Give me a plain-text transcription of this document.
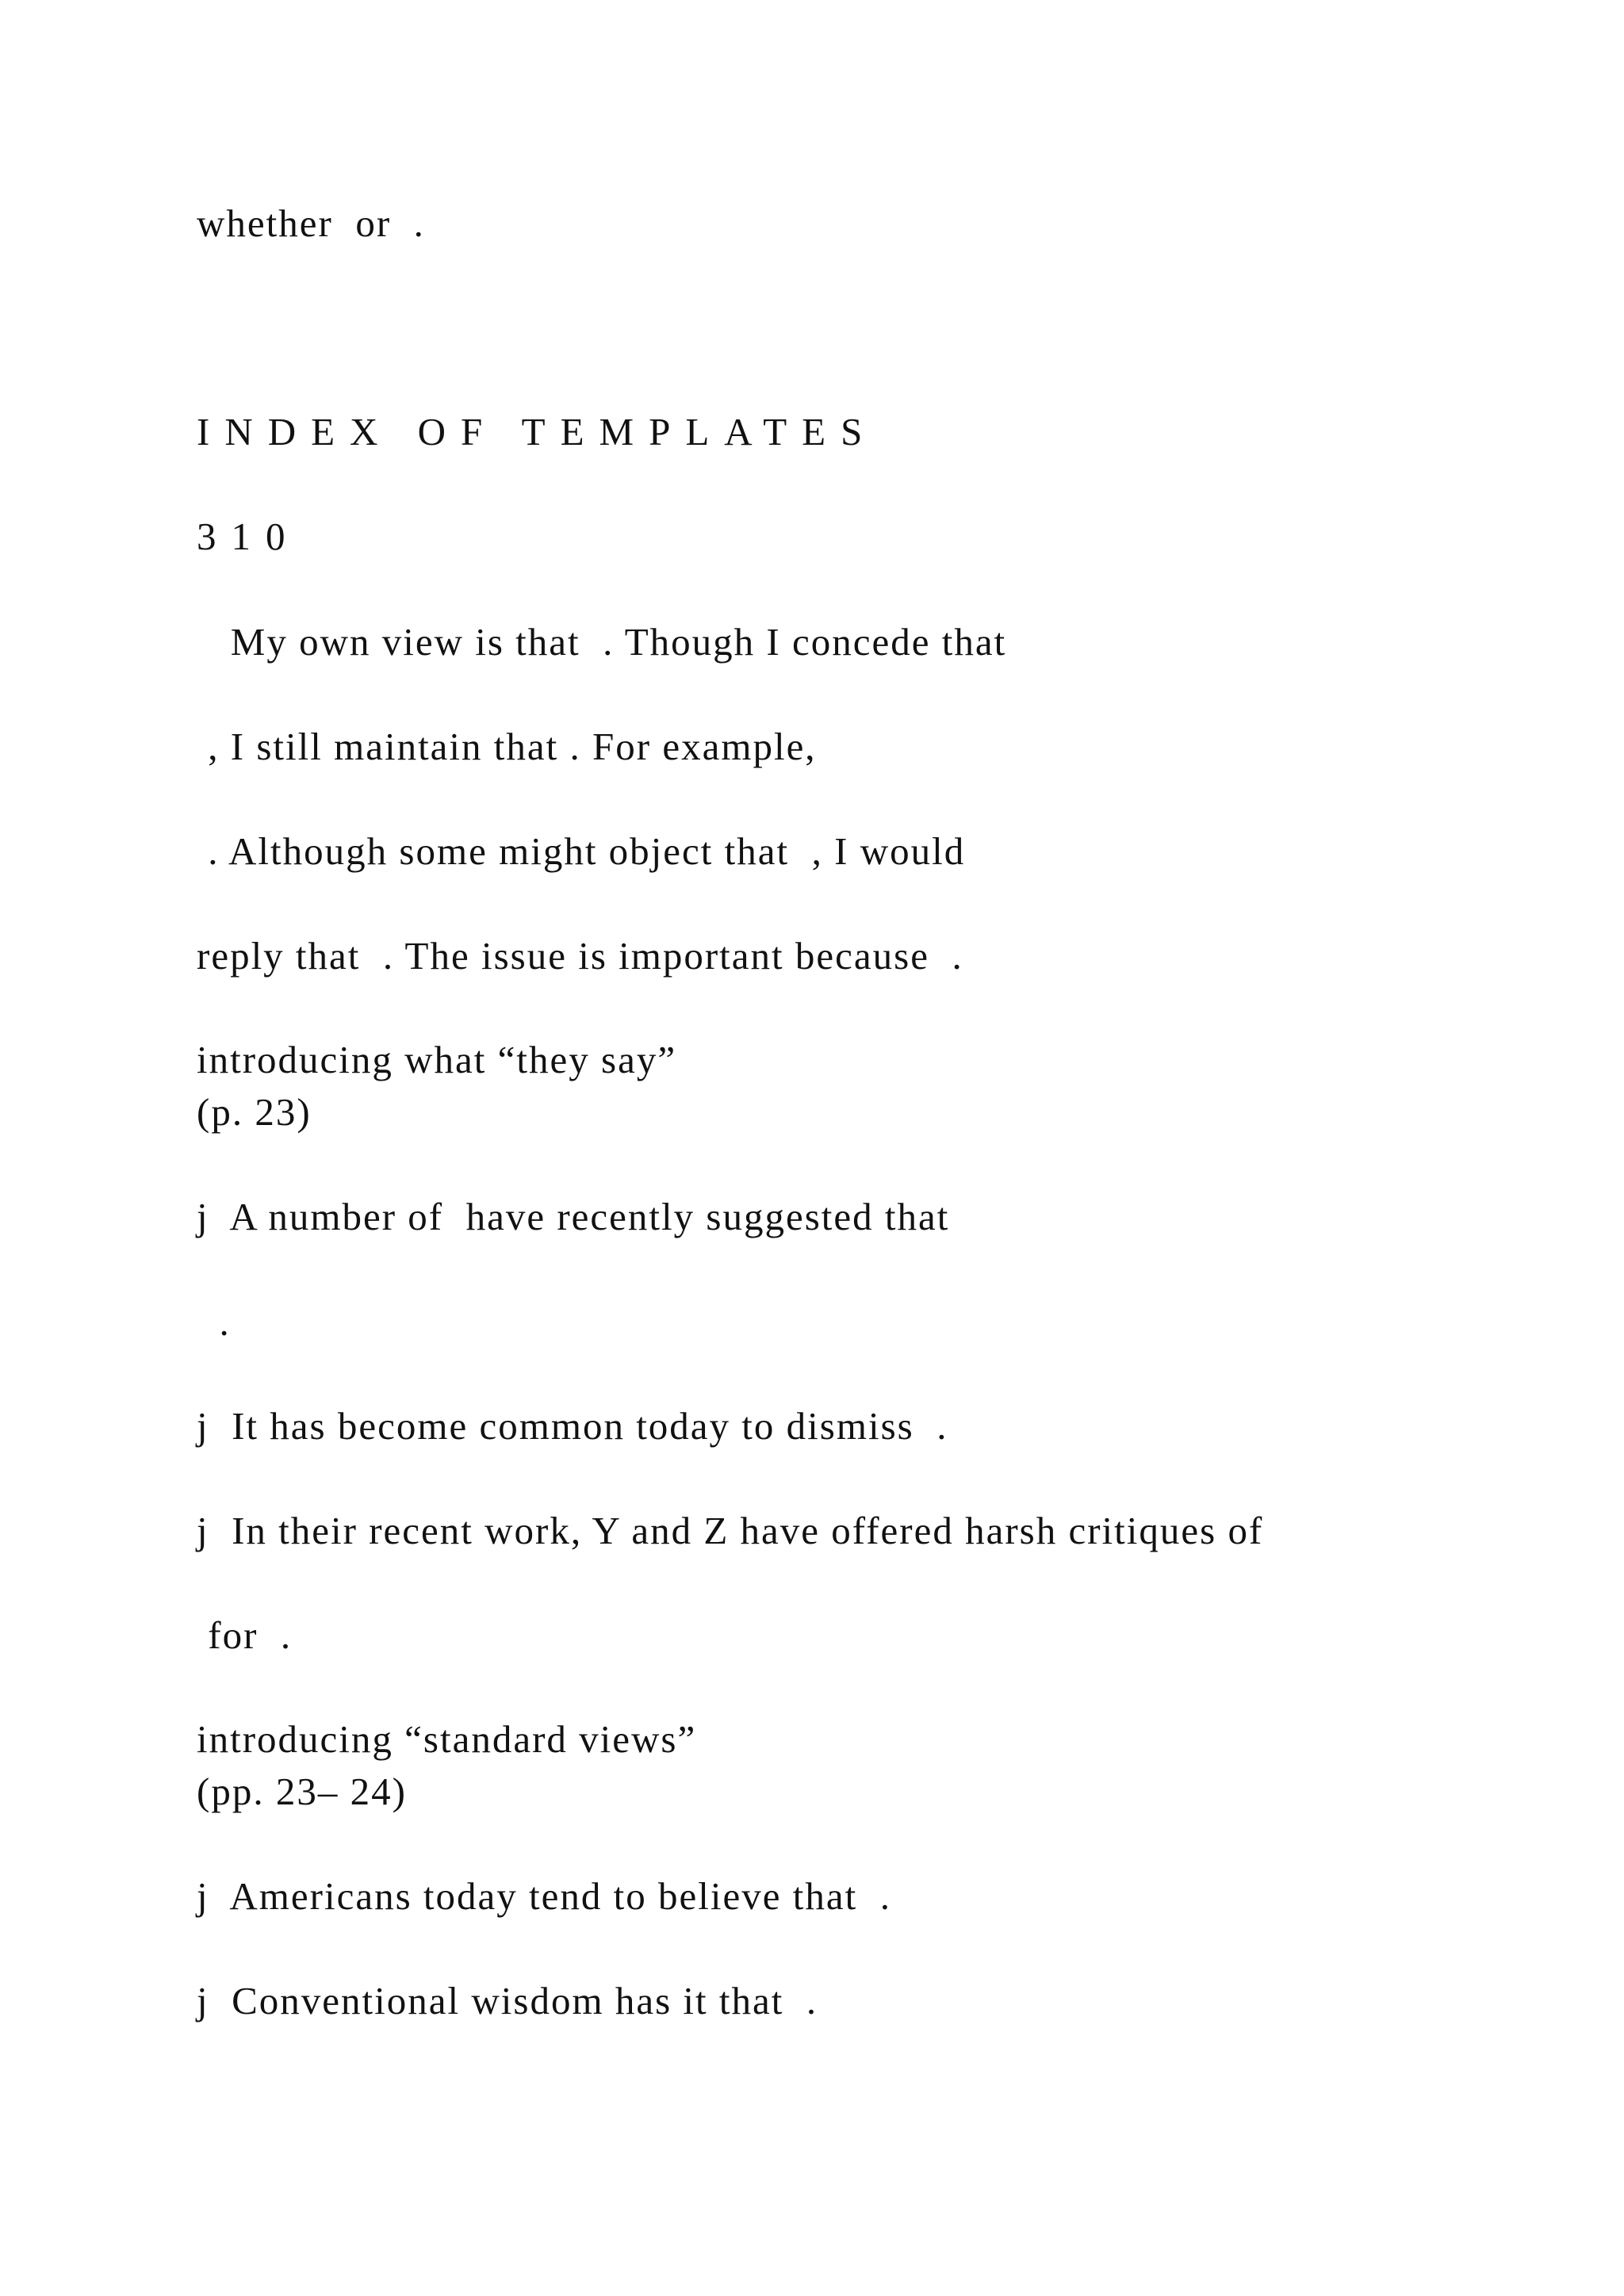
whether  or  .
INDEX OF TEMPLATES
310
My own view is that  . Though I concede that
, I still maintain that . For example,
. Although some might object that  , I would
reply that  . The issue is important because  .
introducing what “they say”
(p. 23)
j  A number of  have recently suggested that
.
j  It has become common today to dismiss  .
j  In their recent work, Y and Z have offered harsh critiques of
for  .
introducing “standard views”
(pp. 23– 24)
j  Americans today tend to believe that  .
j  Conventional wisdom has it that  .
